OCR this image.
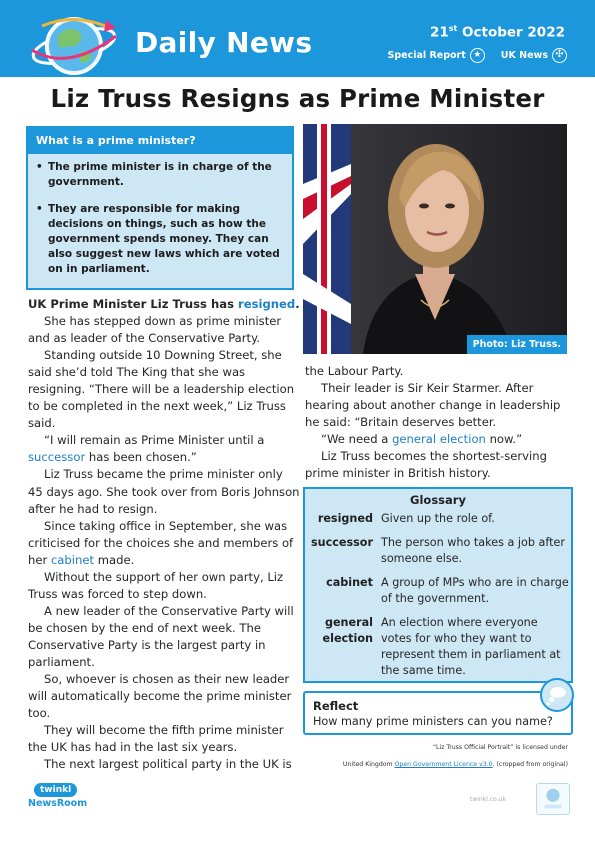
Daily News	21st October 2022
Special Report ★	UK News ✣
Liz Truss Resigns as Prime Minister
What is a prime minister?
• The prime minister is in charge of the government.
• They are responsible for making decisions on things, such as how the government spends money. They can also suggest new laws which are voted on in parliament.
Photo: Liz Truss.

UK Prime Minister Liz Truss has resigned.

She has stepped down as prime minister and as leader of the Conservative Party.

Standing outside 10 Downing Street, she said she’d told The King that she was resigning. “There will be a leadership election to be completed in the next week,” Liz Truss said.

“I will remain as Prime Minister until a successor has been chosen.”

Liz Truss became the prime minister only 45 days ago. She took over from Boris Johnson after he had to resign.

Since taking office in September, she was criticised for the choices she and members of her cabinet made.

Without the support of her own party, Liz Truss was forced to step down.

A new leader of the Conservative Party will be chosen by the end of next week. The Conservative Party is the largest party in parliament.

So, whoever is chosen as their new leader will automatically become the prime minister too.

They will become the fifth prime minister the UK has had in the last six years.

The next largest political party in the UK is

the Labour Party.

Their leader is Sir Keir Starmer. After hearing about another change in leadership he said: “Britain deserves better.

“We need a general election now.”

Liz Truss becomes the shortest-serving prime minister in British history.

Glossary
resigned Given up the role of.
successor The person who takes a job after someone else.
cabinet A group of MPs who are in charge of the government.
general election
An election where everyone votes for who they want to represent them in parliament at the same time.
Reflect
How many prime ministers can you name?
“Liz Truss Official Portrait” is licensed under
United Kingdom Open Government Licence v3.0. (cropped from original)
twinkl
NewsRoom	twinkl.co.uk
